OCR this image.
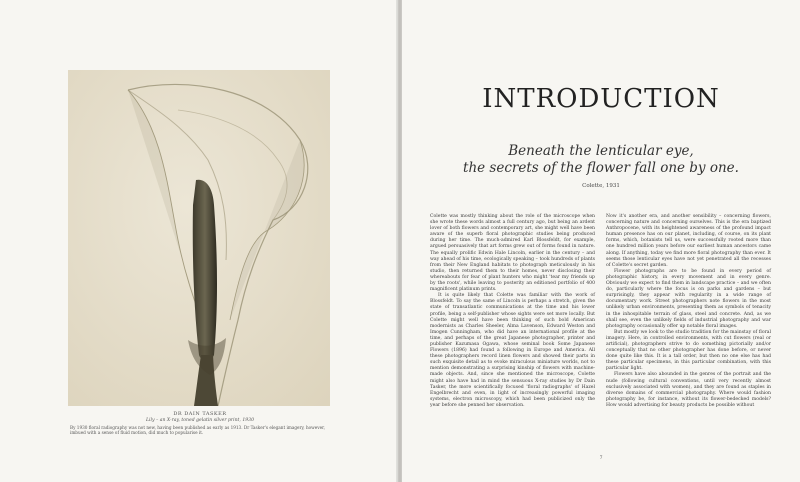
DR DAIN TASKER
Lily – an X-ray, toned gelatin silver print, 1930
By 1930 floral radiography was not new, having been published as early as 1913. Dr Tasker's elegant imagery, however, imbued with a sense of fluid motion, did much to popularise it.
INTRODUCTION
Beneath the lenticular eye,
the secrets of the flower fall one by one.
Colette, 1931

Colette was mostly thinking about the role of the microscope when she wrote these words almost a full century ago, but being an ardent lover of both flowers and contemporary art, she might well have been aware of the superb floral photographic studies being produced during her time. The much-admired Karl Blossfeldt, for example, argued persuasively that art forms grew out of forms found in nature. The equally prolific Edwin Hale Lincoln, earlier in the century – and way ahead of his time, ecologically speaking – took hundreds of plants from their New England habitats to photograph meticulously in his studio, then returned them to their homes, never disclosing their whereabouts for fear of plant hunters who might 'tear my friends up by the roots', while leaving to posterity an editioned portfolio of 400 magnificent platinum prints.

It is quite likely that Colette was familiar with the work of Blossfeldt. To say the same of Lincoln is perhaps a stretch, given the state of transatlantic communications at the time and his lower profile, being a self-publisher whose sights were set more locally. But Colette might well have been thinking of such bold American modernists as Charles Sheeler, Alma Lavenson, Edward Weston and Imogen Cunningham, who did have an international profile at the time, and perhaps of the great Japanese photographer, printer and publisher Kazumasa Ogawa, whose seminal book Some Japanese Flowers (1896) had found a following in Europe and America. All these photographers record linen flowers and showed their parts in such exquisite detail as to evoke miraculous miniature worlds, not to mention demonstrating a surprising kinship of flowers with machine-made objects. And, since she mentioned the microscope, Colette might also have had in mind the sensuous X-ray studies by Dr Dain Tasker, the more scientifically focused 'floral radiographs' of Hazel Engelbrecht and even, in light of increasingly powerful imaging systems, electron microscopy, which had been publicized only the year before she penned her observation.

Now it's another era, and another sensibility – concerning flowers, concerning nature and concerning ourselves. This is the era baptized Anthropocene, with its heightened awareness of the profound impact human presence has on our planet, including, of course, on its plant forms, which, botanists tell us, were successfully rooted more than one hundred million years before our earliest human ancestors came along. If anything, today we find more floral photography than ever. It seems those lenticular eyes have not yet penetrated all the recesses of Colette's secret garden.

Flower photographs are to be found in every period of photographic history, in every movement and in every genre. Obviously we expect to find them in landscape practice – and we often do, particularly where the focus is on parks and gardens – but surprisingly, they appear with regularity in a wide range of documentary work. Street photographers note flowers in the most unlikely urban environments, presenting them as symbols of tenacity in the inhospitable terrain of glass, steel and concrete. And, as we shall see, even the unlikely fields of industrial photography and war photography occasionally offer up notable floral images.

But mostly we look to the studio tradition for the mainstay of floral imagery. Here, in controlled environments, with cut flowers (real or artificial), photographers strive to do something pictorially and/or conceptually that no other photographer has done before, or never done quite like this. It is a tall order, but then no one else has had these particular specimens, in this particular combination, with this particular light.

Flowers have also abounded in the genres of the portrait and the nude (following cultural conventions, until very recently almost exclusively associated with women), and they are found as staples in diverse domains of commercial photography. Where would fashion photography be, for instance, without its flower-bedecked models? How would advertising for beauty products be possible without

7
